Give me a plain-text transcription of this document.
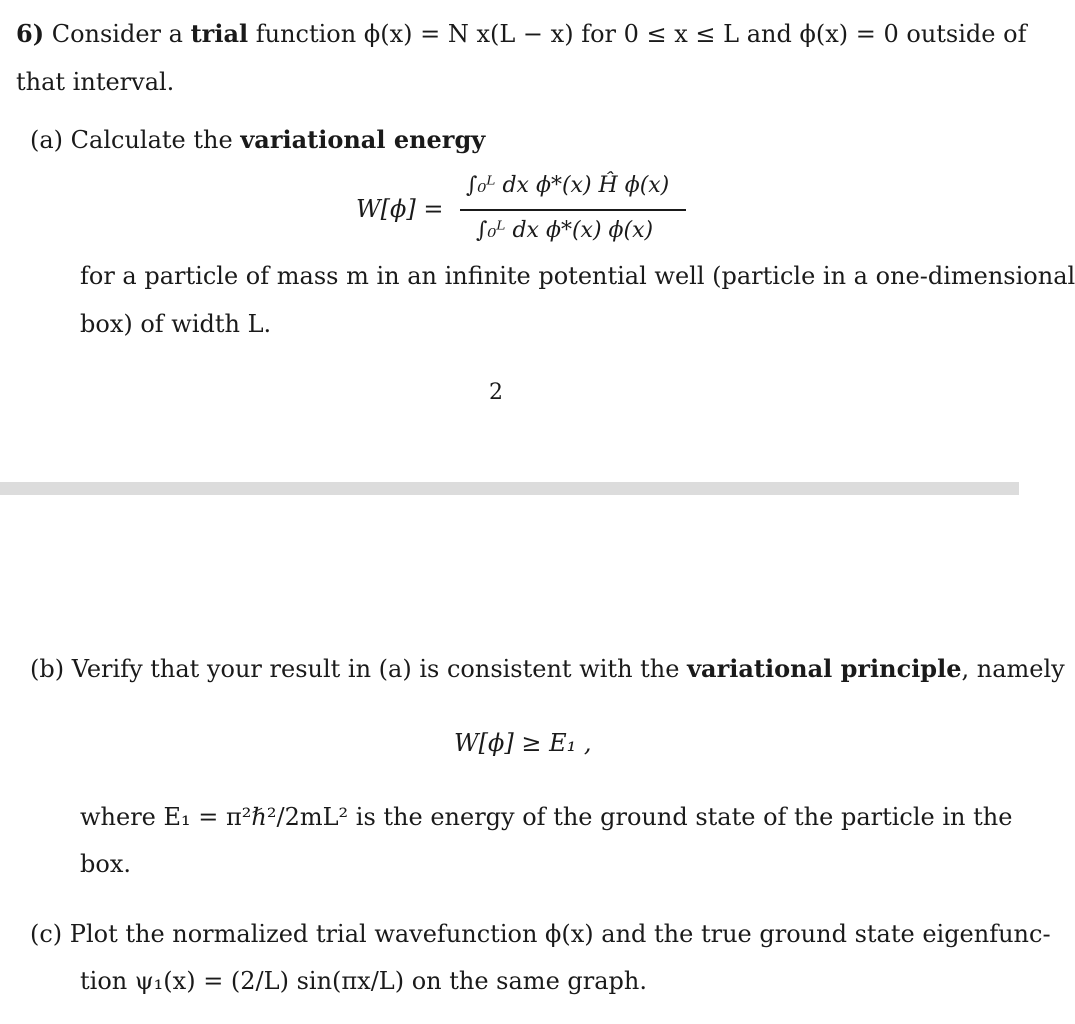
6) Consider a trial function ϕ(x) = N x(L − x) for 0 ≤ x ≤ L and ϕ(x) = 0 outside of
that interval.
(a) Calculate the variational energy
W[ϕ] =
∫₀ᴸ dx ϕ*(x) Ĥ ϕ(x)
∫₀ᴸ dx ϕ*(x) ϕ(x)
for a particle of mass m in an infinite potential well (particle in a one-dimensional
box) of width L.
2
(b) Verify that your result in (a) is consistent with the variational principle, namely
W[ϕ] ≥ E₁ ,
where E₁ = π²ℏ²/2mL² is the energy of the ground state of the particle in the
box.
(c) Plot the normalized trial wavefunction ϕ(x) and the true ground state eigenfunc-
tion ψ₁(x) = (2/L) sin(πx/L) on the same graph.
